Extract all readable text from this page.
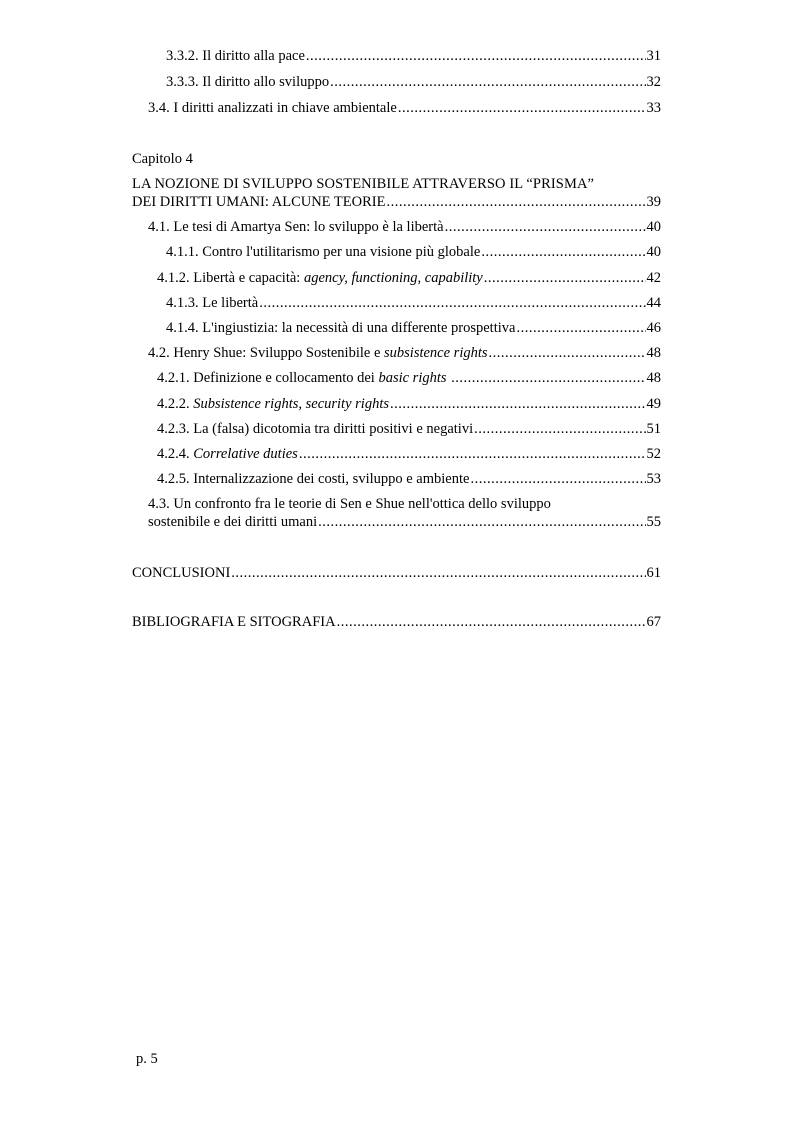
3.3.2. Il diritto alla pace .....	31
3.3.3. Il diritto allo sviluppo .....	32
3.4. I diritti analizzati in chiave ambientale .....	33
Capitolo 4
LA NOZIONE DI SVILUPPO SOSTENIBILE ATTRAVERSO IL “PRISMA”
DEI DIRITTI UMANI: ALCUNE TEORIE .....	39
4.1. Le tesi di Amartya Sen: lo sviluppo è la libertà .....	40
4.1.1. Contro l'utilitarismo per una visione più globale .....	40
4.1.2. Libertà e capacità: agency, functioning, capability .....	42
4.1.3. Le libertà .....	44
4.1.4. L'ingiustizia: la necessità di una differente prospettiva .....	46
4.2. Henry Shue: Sviluppo Sostenibile e subsistence rights .....	48
4.2.1. Definizione e collocamento dei basic rights .....	48
4.2.2. Subsistence rights, security rights .....	49
4.2.3. La (falsa) dicotomia tra diritti positivi e negativi .....	51
4.2.4. Correlative duties .....	52
4.2.5. Internalizzazione dei costi, sviluppo e ambiente .....	53
4.3. Un confronto fra le teorie di Sen e Shue nell'ottica dello sviluppo
sostenibile e dei diritti umani .....	55
CONCLUSIONI .....	61
BIBLIOGRAFIA E SITOGRAFIA .....	67
p. 5
